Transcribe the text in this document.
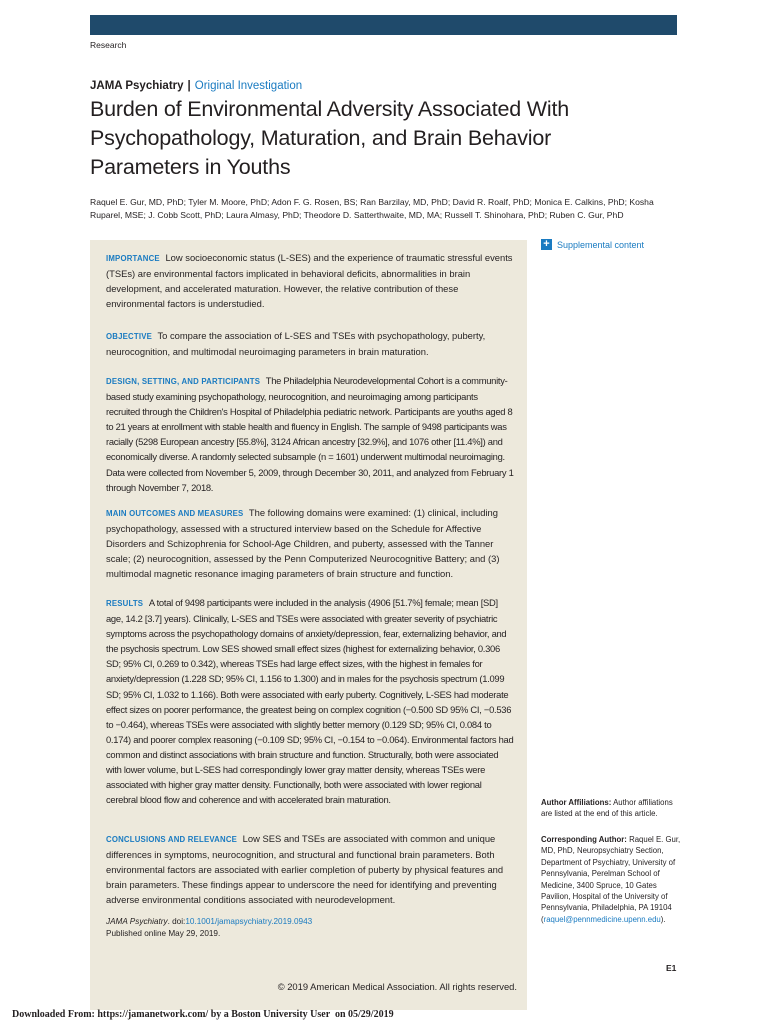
Research
JAMA Psychiatry | Original Investigation
Burden of Environmental Adversity Associated With Psychopathology, Maturation, and Brain Behavior Parameters in Youths
Raquel E. Gur, MD, PhD; Tyler M. Moore, PhD; Adon F. G. Rosen, BS; Ran Barzilay, MD, PhD; David R. Roalf, PhD; Monica E. Calkins, PhD; Kosha Ruparel, MSE; J. Cobb Scott, PhD; Laura Almasy, PhD; Theodore D. Satterthwaite, MD, MA; Russell T. Shinohara, PhD; Ruben C. Gur, PhD
IMPORTANCE Low socioeconomic status (L-SES) and the experience of traumatic stressful events (TSEs) are environmental factors implicated in behavioral deficits, abnormalities in brain development, and accelerated maturation. However, the relative contribution of these environmental factors is understudied.
OBJECTIVE To compare the association of L-SES and TSEs with psychopathology, puberty, neurocognition, and multimodal neuroimaging parameters in brain maturation.
DESIGN, SETTING, AND PARTICIPANTS The Philadelphia Neurodevelopmental Cohort is a community-based study examining psychopathology, neurocognition, and neuroimaging among participants recruited through the Children's Hospital of Philadelphia pediatric network. Participants are youths aged 8 to 21 years at enrollment with stable health and fluency in English. The sample of 9498 participants was racially (5298 European ancestry [55.8%], 3124 African ancestry [32.9%], and 1076 other [11.4%]) and economically diverse. A randomly selected subsample (n = 1601) underwent multimodal neuroimaging. Data were collected from November 5, 2009, through December 30, 2011, and analyzed from February 1 through November 7, 2018.
MAIN OUTCOMES AND MEASURES The following domains were examined: (1) clinical, including psychopathology, assessed with a structured interview based on the Schedule for Affective Disorders and Schizophrenia for School-Age Children, and puberty, assessed with the Tanner scale; (2) neurocognition, assessed by the Penn Computerized Neurocognitive Battery; and (3) multimodal magnetic resonance imaging parameters of brain structure and function.
RESULTS A total of 9498 participants were included in the analysis (4906 [51.7%] female; mean [SD] age, 14.2 [3.7] years). Clinically, L-SES and TSEs were associated with greater severity of psychiatric symptoms across the psychopathology domains of anxiety/depression, fear, externalizing behavior, and the psychosis spectrum. Low SES showed small effect sizes (highest for externalizing behavior, 0.306 SD; 95% CI, 0.269 to 0.342), whereas TSEs had large effect sizes, with the highest in females for anxiety/depression (1.228 SD; 95% CI, 1.156 to 1.300) and in males for the psychosis spectrum (1.099 SD; 95% CI, 1.032 to 1.166). Both were associated with early puberty. Cognitively, L-SES had moderate effect sizes on poorer performance, the greatest being on complex cognition (−0.500 SD 95% CI, −0.536 to −0.464), whereas TSEs were associated with slightly better memory (0.129 SD; 95% CI, 0.084 to 0.174) and poorer complex reasoning (−0.109 SD; 95% CI, −0.154 to −0.064). Environmental factors had common and distinct associations with brain structure and function. Structurally, both were associated with lower volume, but L-SES had correspondingly lower gray matter density, whereas TSEs were associated with higher gray matter density. Functionally, both were associated with lower regional cerebral blood flow and coherence and with accelerated brain maturation.
CONCLUSIONS AND RELEVANCE Low SES and TSEs are associated with common and unique differences in symptoms, neurocognition, and structural and functional brain parameters. Both environmental factors are associated with earlier completion of puberty by physical features and brain parameters. These findings appear to underscore the need for identifying and preventing adverse environmental conditions associated with neurodevelopment.
JAMA Psychiatry. doi:10.1001/jamapsychiatry.2019.0943
Published online May 29, 2019.
© 2019 American Medical Association. All rights reserved.
+ Supplemental content
Author Affiliations: Author affiliations are listed at the end of this article.
Corresponding Author: Raquel E. Gur, MD, PhD, Neuropsychiatry Section, Department of Psychiatry, University of Pennsylvania, Perelman School of Medicine, 3400 Spruce, 10 Gates Pavilion, Hospital of the University of Pennsylvania, Philadelphia, PA 19104 (raquel@pennmedicine.upenn.edu).
E1
Downloaded From: https://jamanetwork.com/ by a Boston University User  on 05/29/2019
